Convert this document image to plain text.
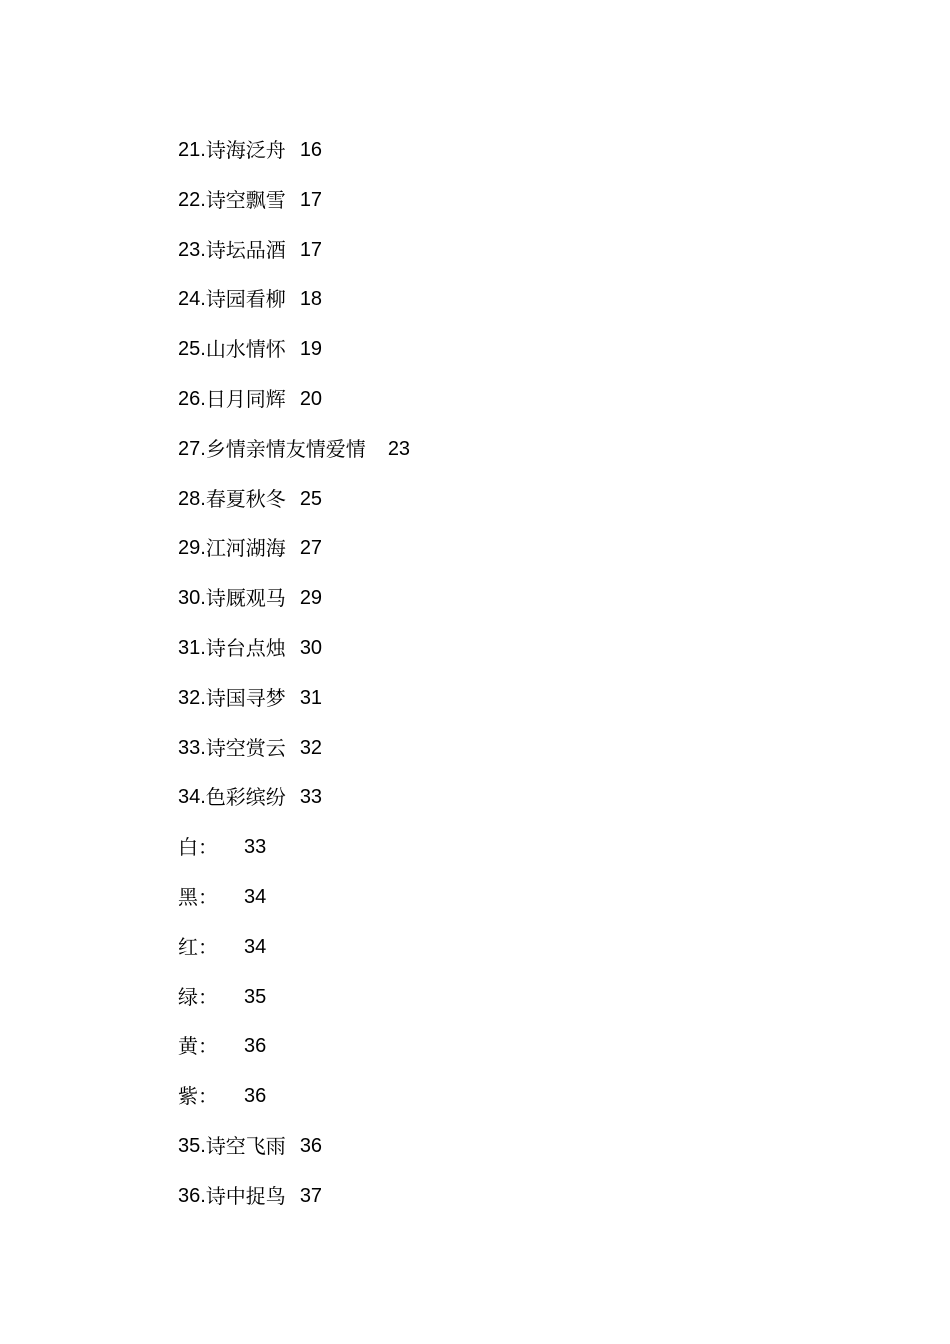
21. 诗海泛舟 16
22. 诗空飘雪 17
23. 诗坛品酒 17
24. 诗园看柳 18
25. 山水情怀 19
26. 日月同辉 20
27. 乡情亲情友情爱情 23
28. 春夏秋冬 25
29. 江河湖海 27
30. 诗厩观马 29
31. 诗台点烛 30
32. 诗国寻梦 31
33. 诗空赏云 32
34. 色彩缤纷 33
白：	33
黑：	34
红：	34
绿：	35
黄：	36
紫：	36
35. 诗空飞雨 36
36. 诗中捉鸟 37
